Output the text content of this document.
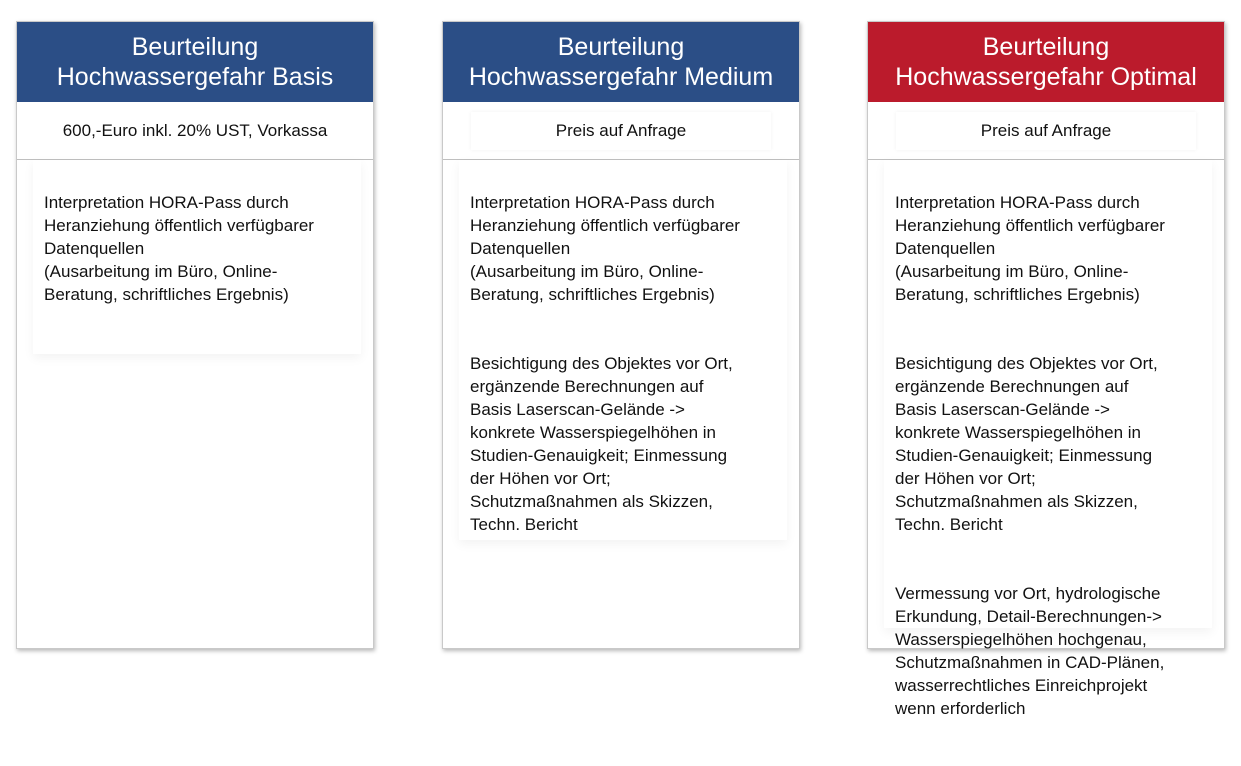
Beurteilung
Hochwassergefahr Basis
600,-Euro inkl. 20% UST, Vorkassa

Interpretation HORA-Pass durch
Heranziehung öffentlich verfügbarer
Datenquellen
(Ausarbeitung im Büro, Online-
Beratung, schriftliches Ergebnis)

Beurteilung
Hochwassergefahr Medium
Preis auf Anfrage

Interpretation HORA-Pass durch
Heranziehung öffentlich verfügbarer
Datenquellen
(Ausarbeitung im Büro, Online-
Beratung, schriftliches Ergebnis)

Besichtigung des Objektes vor Ort,
ergänzende Berechnungen auf
Basis Laserscan-Gelände ->
konkrete Wasserspiegelhöhen in
Studien-Genauigkeit; Einmessung
der Höhen vor Ort;
Schutzmaßnahmen als Skizzen,
Techn. Bericht

Beurteilung
Hochwassergefahr Optimal
Preis auf Anfrage

Interpretation HORA-Pass durch
Heranziehung öffentlich verfügbarer
Datenquellen
(Ausarbeitung im Büro, Online-
Beratung, schriftliches Ergebnis)

Besichtigung des Objektes vor Ort,
ergänzende Berechnungen auf
Basis Laserscan-Gelände ->
konkrete Wasserspiegelhöhen in
Studien-Genauigkeit; Einmessung
der Höhen vor Ort;
Schutzmaßnahmen als Skizzen,
Techn. Bericht

Vermessung vor Ort, hydrologische
Erkundung, Detail-Berechnungen->
Wasserspiegelhöhen hochgenau,
Schutzmaßnahmen in CAD-Plänen,
wasserrechtliches Einreichprojekt
wenn erforderlich
